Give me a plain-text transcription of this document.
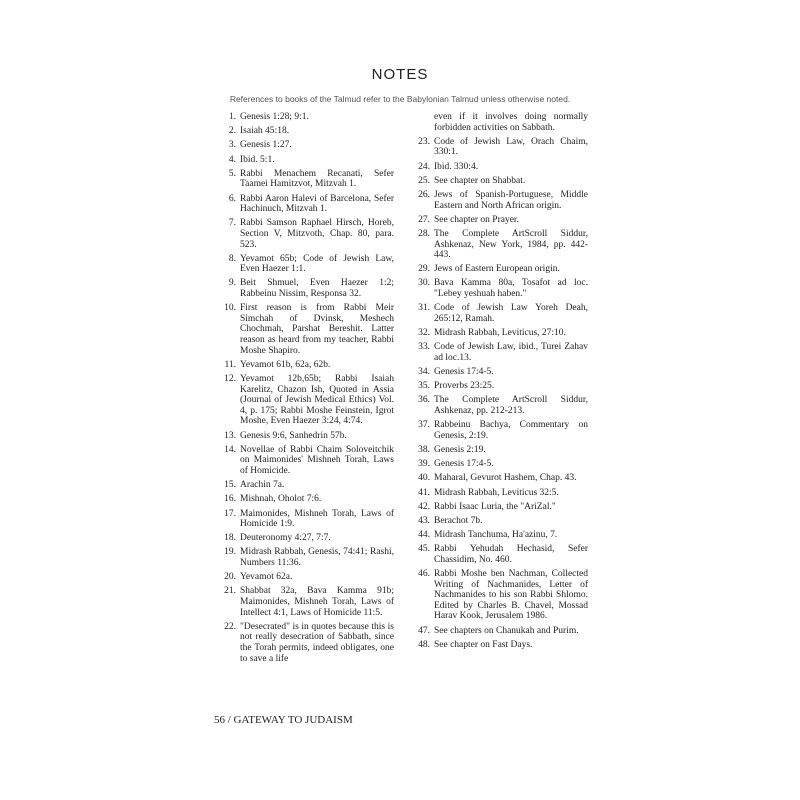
NOTES
References to books of the Talmud refer to the Babylonian Talmud unless otherwise noted.
1. Genesis 1:28; 9:1.
2. Isaiah 45:18.
3. Genesis 1:27.
4. Ibid. 5:1.
5. Rabbi Menachem Recanati, Sefer Taamei Hamitzvot, Mitzvah 1.
6. Rabbi Aaron Halevi of Barcelona, Sefer Hachinuch, Mitzvah 1.
7. Rabbi Samson Raphael Hirsch, Horeb, Section V, Mitzvoth, Chap. 80, para. 523.
8. Yevamot 65b; Code of Jewish Law, Even Haezer 1:1.
9. Beit Shmuel, Even Haezer 1:2; Rabbeinu Nissim, Responsa 32.
10. First reason is from Rabbi Meir Simchah of Dvinsk, Meshech Chochmah, Parshat Bereshit. Latter reason as heard from my teacher, Rabbi Moshe Shapiro.
11. Yevamot 61b, 62a, 62b.
12. Yevamot 12b,65b; Rabbi Isaiah Karelitz, Chazon Ish, Quoted in Assia (Journal of Jewish Medical Ethics) Vol. 4, p. 175; Rabbi Moshe Feinstein, Igrot Moshe, Even Haezer 3:24, 4:74.
13. Genesis 9:6, Sanhedrin 57b.
14. Novellae of Rabbi Chaim Soloveitchik on Maimonides' Mishneh Torah, Laws of Homicide.
15. Arachin 7a.
16. Mishnah, Oholot 7:6.
17. Maimonides, Mishneh Torah, Laws of Homicide 1:9.
18. Deuteronomy 4:27, 7:7.
19. Midrash Rabbah, Genesis, 74:41; Rashi, Numbers 11:36.
20. Yevamot 62a.
21. Shabbat 32a, Bava Kamma 91b; Maimonides, Mishneh Torah, Laws of Intellect 4:1, Laws of Homicide 11:5.
22. "Desecrated" is in quotes because this is not really desecration of Sabbath, since the Torah permits, indeed obligates, one to save a life
even if it involves doing normally forbidden activities on Sabbath.
23. Code of Jewish Law, Orach Chaim, 330:1.
24. Ibid. 330:4.
25. See chapter on Shabbat.
26. Jews of Spanish-Portuguese, Middle Eastern and North African origin.
27. See chapter on Prayer.
28. The Complete ArtScroll Siddur, Ashkenaz, New York, 1984, pp. 442-443.
29. Jews of Eastern European origin.
30. Bava Kamma 80a, Tosafot ad loc. "Lebey yeshuah haben."
31. Code of Jewish Law Yoreh Deah, 265:12, Ramah.
32. Midrash Rabbah, Leviticus, 27:10.
33. Code of Jewish Law, ibid., Turei Zahav ad loc.13.
34. Genesis 17:4-5.
35. Proverbs 23:25.
36. The Complete ArtScroll Siddur, Ashkenaz, pp. 212-213.
37. Rabbeinu Bachya, Commentary on Genesis, 2:19.
38. Genesis 2:19.
39. Genesis 17:4-5.
40. Maharal, Gevurot Hashem, Chap. 43.
41. Midrash Rabbah, Leviticus 32:5.
42. Rabbi Isaac Luria, the "AriZal."
43. Berachot 7b.
44. Midrash Tanchuma, Ha'azinu, 7.
45. Rabbi Yehudah Hechasid, Sefer Chassidim, No. 460.
46. Rabbi Moshe ben Nachman, Collected Writing of Nachmanides, Letter of Nachmanides to his son Rabbi Shlomo. Edited by Charles B. Chavel, Mossad Harav Kook, Jerusalem 1986.
47. See chapters on Chanukah and Purim.
48. See chapter on Fast Days.
56 / GATEWAY TO JUDAISM
